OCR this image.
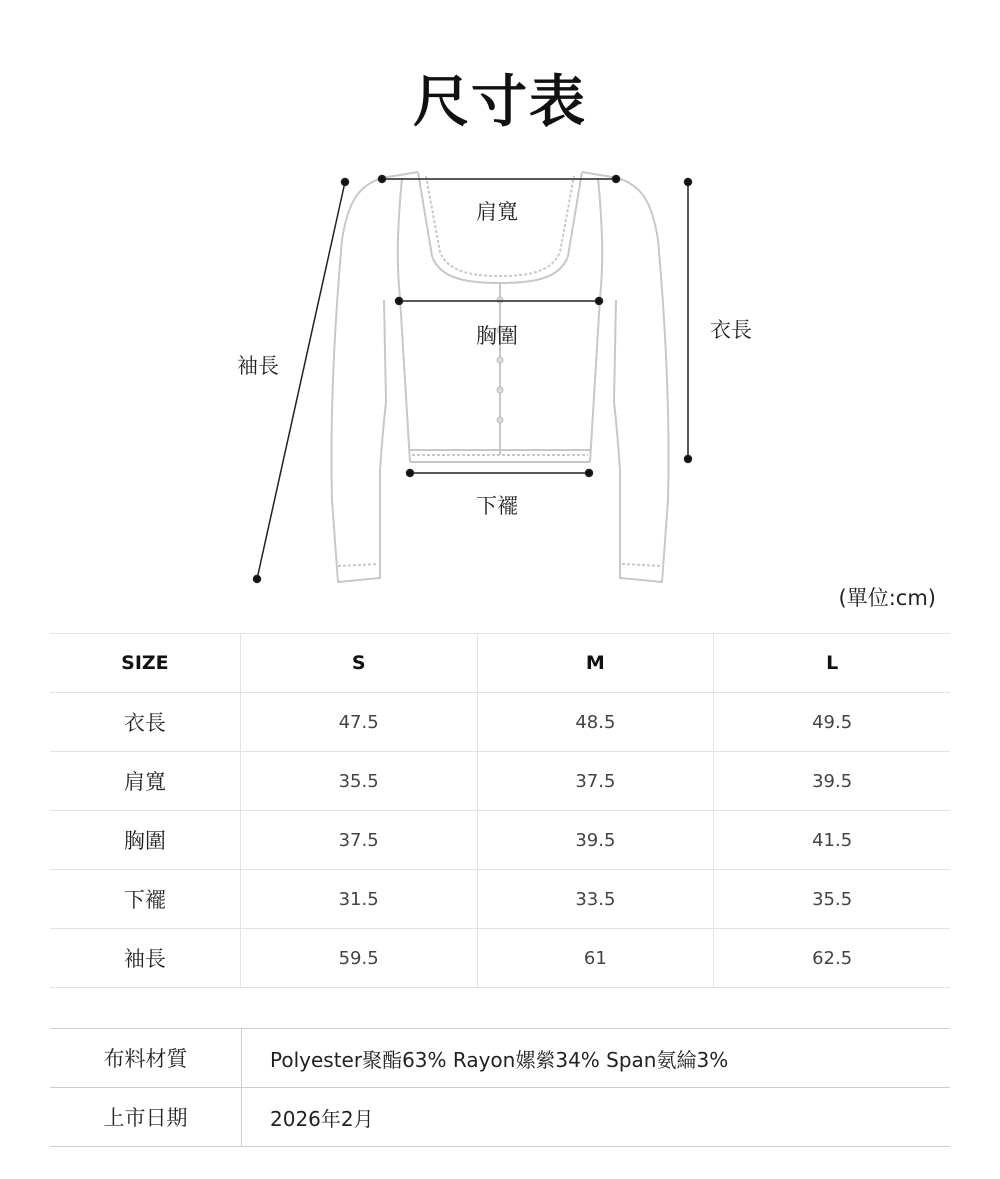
尺寸表
肩寬
胸圍	衣長
袖長
下襬
(單位:cm)
SIZE	S	M	L
衣長	47.5	48.5	49.5
肩寬	35.5	37.5	39.5
胸圍	37.5	39.5	41.5
下襬	31.5	33.5	35.5
袖長	59.5	61	62.5
布料材質	Polyester聚酯63% Rayon嫘縈34% Span氨綸3%
上市日期	2026年2月
